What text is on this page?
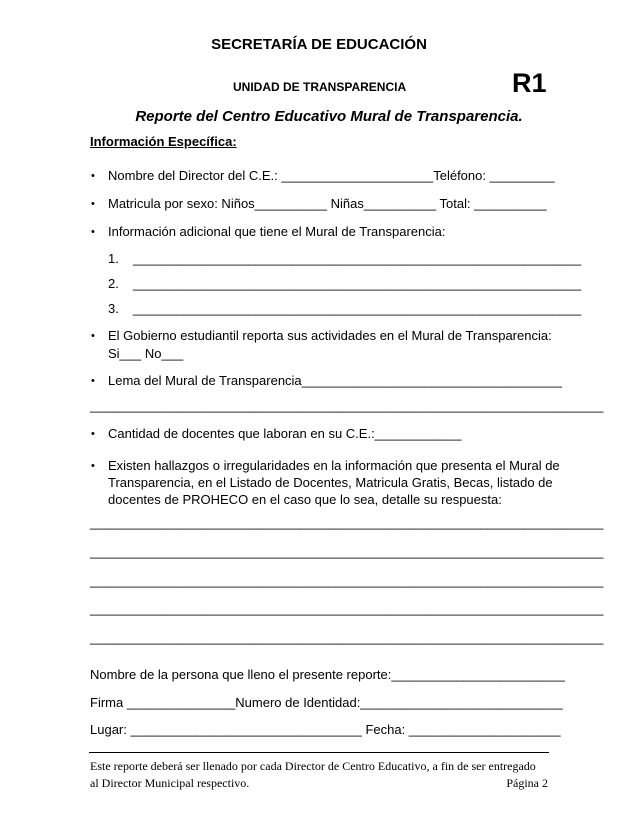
SECRETARÍA DE EDUCACIÓN
UNIDAD DE TRANSPARENCIA	R1
Reporte del Centro Educativo Mural de Transparencia.
Información Específica:
• Nombre del Director del C.E.: _____________________Teléfono: _________
• Matricula por sexo: Niños__________ Niñas__________ Total: __________
• Información adicional que tiene el Mural de Transparencia:
1. ______________________________________________________________
2. ______________________________________________________________
3. ______________________________________________________________
• El Gobierno estudiantil reporta sus actividades en el Mural de Transparencia:
Si___ No___
• Lema del Mural de Transparencia____________________________________
_______________________________________________________________________
• Cantidad de docentes que laboran en su C.E.:____________
• Existen hallazgos o irregularidades en la información que presenta el Mural de
Transparencia, en el Listado de Docentes, Matricula Gratis, Becas, listado de
docentes de PROHECO en el caso que lo sea, detalle su respuesta:
_______________________________________________________________________
_______________________________________________________________________
_______________________________________________________________________
_______________________________________________________________________
_______________________________________________________________________
Nombre de la persona que lleno el presente reporte:________________________
Firma _______________Numero de Identidad:____________________________
Lugar: ________________________________ Fecha: _____________________
Este reporte deberá ser llenado por cada Director de Centro Educativo, a fin de ser entregado
al Director Municipal respectivo.	Página 2
